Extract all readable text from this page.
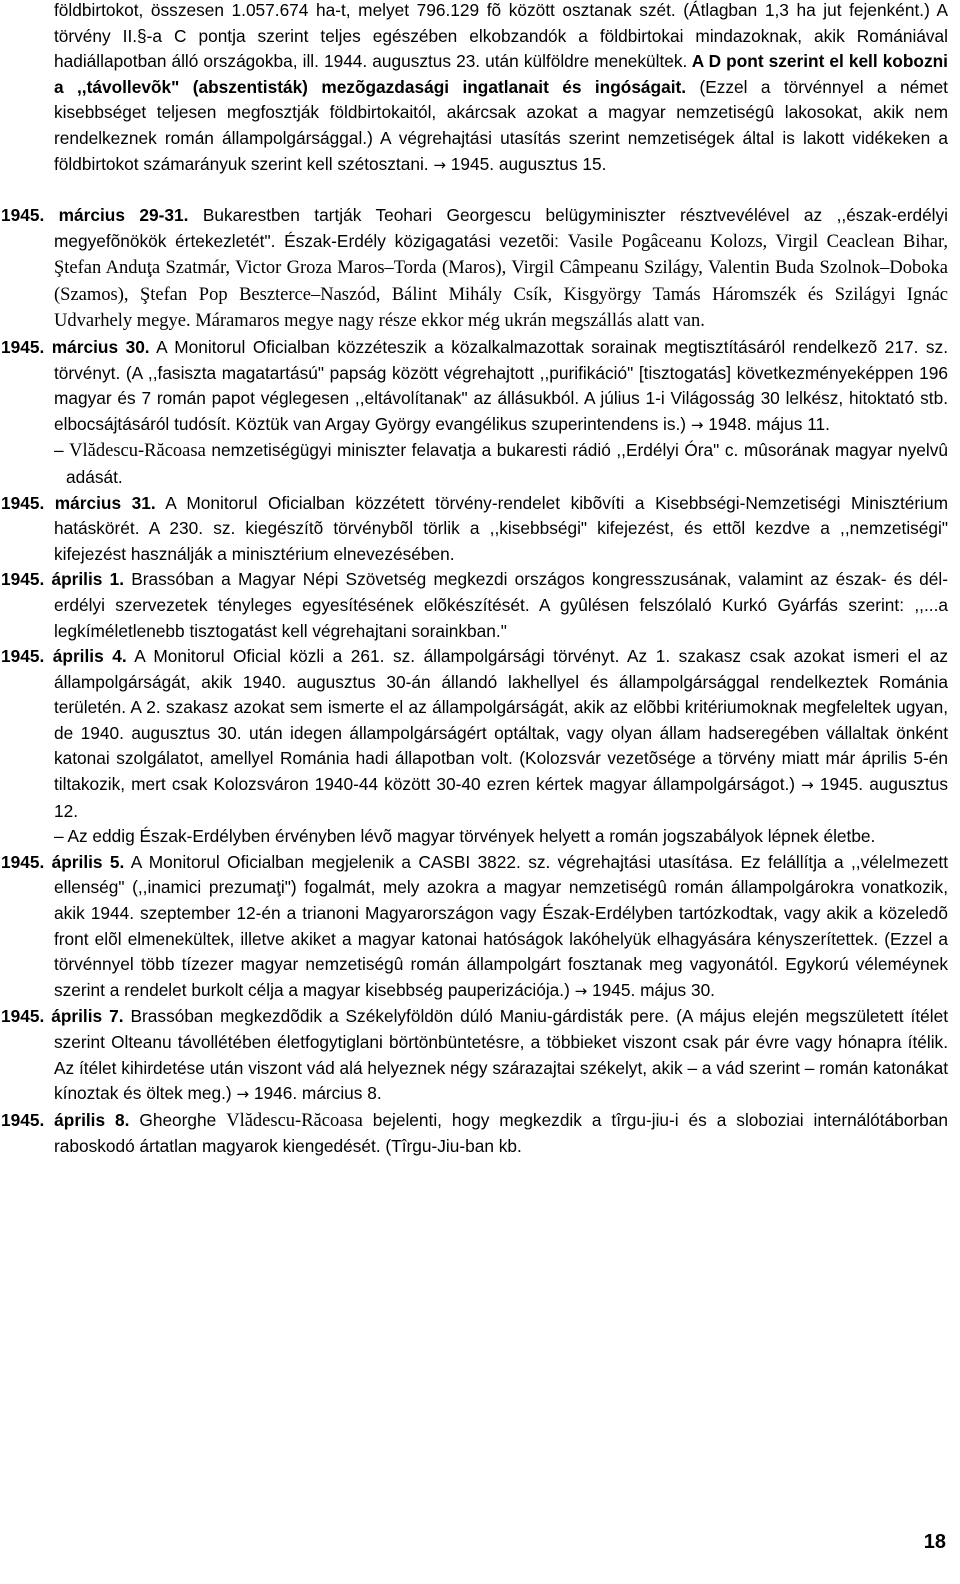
földbirtokot, összesen 1.057.674 ha-t, melyet 796.129 fõ között osztanak szét. (Átlagban 1,3 ha jut fejenként.) A törvény II.§-a C pontja szerint teljes egészében elkobzandók a földbirtokai mindazoknak, akik Romániával hadiállapotban álló országokba, ill. 1944. augusztus 23. után külföldre menekültek. A D pont szerint el kell kobozni a ,,távollevõk" (abszentisták) mezõgazdasági ingatlanait és ingóságait. (Ezzel a törvénnyel a német kisebbséget teljesen megfosztják földbirtokaitól, akárcsak azokat a magyar nemzetiségû lakosokat, akik nem rendelkeznek román állampolgársággal.) A végrehajtási utasítás szerint nemzetiségek által is lakott vidékeken a földbirtokot számarányuk szerint kell szétosztani. → 1945. augusztus 15.

1945. március 29-31. Bukarestben tartják Teohari Georgescu belügyminiszter résztvevélével az ,,észak-erdélyi megyefõnökök értekezletét". Észak-Erdély közigagatási vezetõi: Vasile Pogâceanu Kolozs, Virgil Ceaclean Bihar, Ştefan Anduţa Szatmár, Victor Groza Maros–Torda (Maros), Virgil Câmpeanu Szilágy, Valentin Buda Szolnok–Doboka (Szamos), Ştefan Pop Beszterce–Naszód, Bálint Mihály Csík, Kisgyörgy Tamás Háromszék és Szilágyi Ignác Udvarhely megye. Máramaros megye nagy része ekkor még ukrán megszállás alatt van.

1945. március 30. A Monitorul Oficialban közzéteszik a közalkalmazottak sorainak megtisztításáról rendelkezõ 217. sz. törvényt. (A ,,fasiszta magatartású" papság között végrehajtott ,,purifikáció" [tisztogatás] következményeképpen 196 magyar és 7 román papot véglegesen ,,eltávolítanak" az állásukból. A július 1-i Világosság 30 lelkész, hitoktató stb. elbocsájtásáról tudósít. Köztük van Argay György evangélikus szuperintendens is.) → 1948. május 11.

– Vlădescu-Răcoasa nemzetiségügyi miniszter felavatja a bukaresti rádió ,,Erdélyi Óra" c. mûsorának magyar nyelvû adását.

1945. március 31. A Monitorul Oficialban közzétett törvény-rendelet kibõvíti a Kisebbségi-Nemzetiségi Minisztérium hatáskörét. A 230. sz. kiegészítõ törvénybõl törlik a ,,kisebbségi" kifejezést, és ettõl kezdve a ,,nemzetiségi" kifejezést használják a minisztérium elnevezésében.

1945. április 1. Brassóban a Magyar Népi Szövetség megkezdi országos kongresszusának, valamint az észak- és dél-erdélyi szervezetek tényleges egyesítésének elõkészítését. A gyûlésen felszólaló Kurkó Gyárfás szerint: ,,...a legkíméletlenebb tisztogatást kell végrehajtani sorainkban."

1945. április 4. A Monitorul Oficial közli a 261. sz. állampolgársági törvényt. Az 1. szakasz csak azokat ismeri el az állampolgárságát, akik 1940. augusztus 30-án állandó lakhellyel és állampolgársággal rendelkeztek Románia területén. A 2. szakasz azokat sem ismerte el az állampolgárságát, akik az elõbbi kritériumoknak megfeleltek ugyan, de 1940. augusztus 30. után idegen állampolgárságért optáltak, vagy olyan állam hadseregében vállaltak önként katonai szolgálatot, amellyel Románia hadi állapotban volt. (Kolozsvár vezetõsége a törvény miatt már április 5-én tiltakozik, mert csak Kolozsváron 1940-44 között 30-40 ezren kértek magyar állampolgárságot.) → 1945. augusztus 12.

– Az eddig Észak-Erdélyben érvényben lévõ magyar törvények helyett a román jogszabályok lépnek életbe.

1945. április 5. A Monitorul Oficialban megjelenik a CASBI 3822. sz. végrehajtási utasítása. Ez felállítja a ,,vélelmezett ellenség" (,,inamici prezumaţi") fogalmát, mely azokra a magyar nemzetiségû román állampolgárokra vonatkozik, akik 1944. szeptember 12-én a trianoni Magyarországon vagy Észak-Erdélyben tartózkodtak, vagy akik a közeledõ front elõl elmenekültek, illetve akiket a magyar katonai hatóságok lakóhelyük elhagyására kényszerítettek. (Ezzel a törvénnyel több tízezer magyar nemzetiségû román állampolgárt fosztanak meg vagyonától. Egykorú véleméynek szerint a rendelet burkolt célja a magyar kisebbség pauperizációja.) → 1945. május 30.

1945. április 7. Brassóban megkezdõdik a Székelyföldön dúló Maniu-gárdisták pere. (A május elején megszületett ítélet szerint Olteanu távollétében életfogytiglani börtönbüntetésre, a többieket viszont csak pár évre vagy hónapra ítélik. Az ítélet kihirdetése után viszont vád alá helyeznek négy szárazajtai székelyt, akik – a vád szerint – román katonákat kínoztak és öltek meg.) → 1946. március 8.

1945. április 8. Gheorghe Vlădescu-Răcoasa bejelenti, hogy megkezdik a tîrgu-jiu-i és a sloboziai internálótáborban raboskodó ártatlan magyarok kiengedését. (Tîrgu-Jiu-ban kb.

18
